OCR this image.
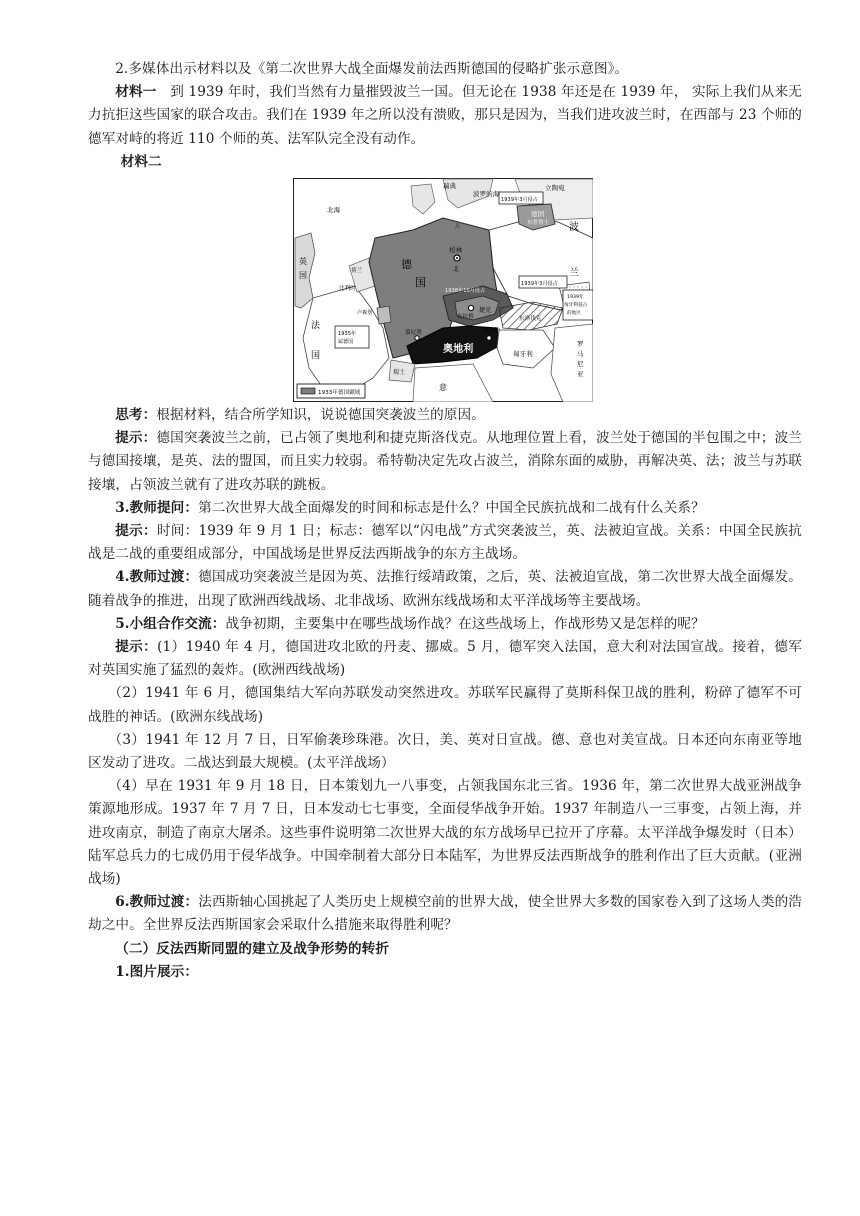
2.多媒体出示材料以及《第二次世界大战全面爆发前法西斯德国的侵略扩张示意图》。

材料一　到 1939 年时，我们当然有力量摧毁波兰一国。但无论在 1938 年还是在 1939 年， 实际上我们从来无力抗拒这些国家的联合攻击。我们在 1939 年之所以没有溃败，那只是因为，当我们进攻波兰时，在西部与 23 个师的德军对峙的将近 110 个师的英、法军队完全没有动作。

材料二

瑞典
波罗的海
立陶宛
1939年3月侵占
德国
东普鲁士
北海
波
兰
英
国
德
国
柏林
荷兰
比利时
卢森堡
法
国
1935年
属德国
1938年10月侵占
布拉格
捷克
1939年3月侵占
东洛伐克
1939年
匈牙利侵占
的地区
慕尼黑	维也纳
奥地利	匈牙利
罗
马
尼
亚
瑞士
意
1933年德国疆域
吕
北

思考：根据材料，结合所学知识，说说德国突袭波兰的原因。

提示：德国突袭波兰之前，已占领了奥地利和捷克斯洛伐克。从地理位置上看，波兰处于德国的半包围之中；波兰与德国接壤，是英、法的盟国，而且实力较弱。希特勒决定先攻占波兰，消除东面的威胁，再解决英、法；波兰与苏联接壤，占领波兰就有了进攻苏联的跳板。

3.教师提问：第二次世界大战全面爆发的时间和标志是什么？中国全民族抗战和二战有什么关系？

提示：时间：1939 年 9 月 1 日；标志：德军以“闪电战”方式突袭波兰，英、法被迫宣战。关系：中国全民族抗战是二战的重要组成部分，中国战场是世界反法西斯战争的东方主战场。

4.教师过渡：德国成功突袭波兰是因为英、法推行绥靖政策，之后，英、法被迫宣战，第二次世界大战全面爆发。随着战争的推进，出现了欧洲西线战场、北非战场、欧洲东线战场和太平洋战场等主要战场。

5.小组合作交流：战争初期，主要集中在哪些战场作战？在这些战场上，作战形势又是怎样的呢？

提示：(1）1940 年 4 月，德国进攻北欧的丹麦、挪威。5 月，德军突入法国，意大利对法国宣战。接着，德军对英国实施了猛烈的轰炸。(欧洲西线战场)

（2）1941 年 6 月，德国集结大军向苏联发动突然进攻。苏联军民赢得了莫斯科保卫战的胜利，粉碎了德军不可战胜的神话。(欧洲东线战场)

（3）1941 年 12 月 7 日，日军偷袭珍珠港。次日，美、英对日宣战。德、意也对美宣战。日本还向东南亚等地区发动了进攻。二战达到最大规模。(太平洋战场）

（4）早在 1931 年 9 月 18 日，日本策划九一八事变，占领我国东北三省。1936 年，第二次世界大战亚洲战争策源地形成。1937 年 7 月 7 日，日本发动七七事变，全面侵华战争开始。1937 年制造八一三事变，占领上海，并进攻南京，制造了南京大屠杀。这些事件说明第二次世界大战的东方战场早已拉开了序幕。太平洋战争爆发时（日本）陆军总兵力的七成仍用于侵华战争。中国牵制着大部分日本陆军，为世界反法西斯战争的胜利作出了巨大贡献。(亚洲战场)

6.教师过渡：法西斯轴心国挑起了人类历史上规模空前的世界大战，使全世界大多数的国家卷入到了这场人类的浩劫之中。全世界反法西斯国家会采取什么措施来取得胜利呢？

（二）反法西斯同盟的建立及战争形势的转折

1.图片展示：
